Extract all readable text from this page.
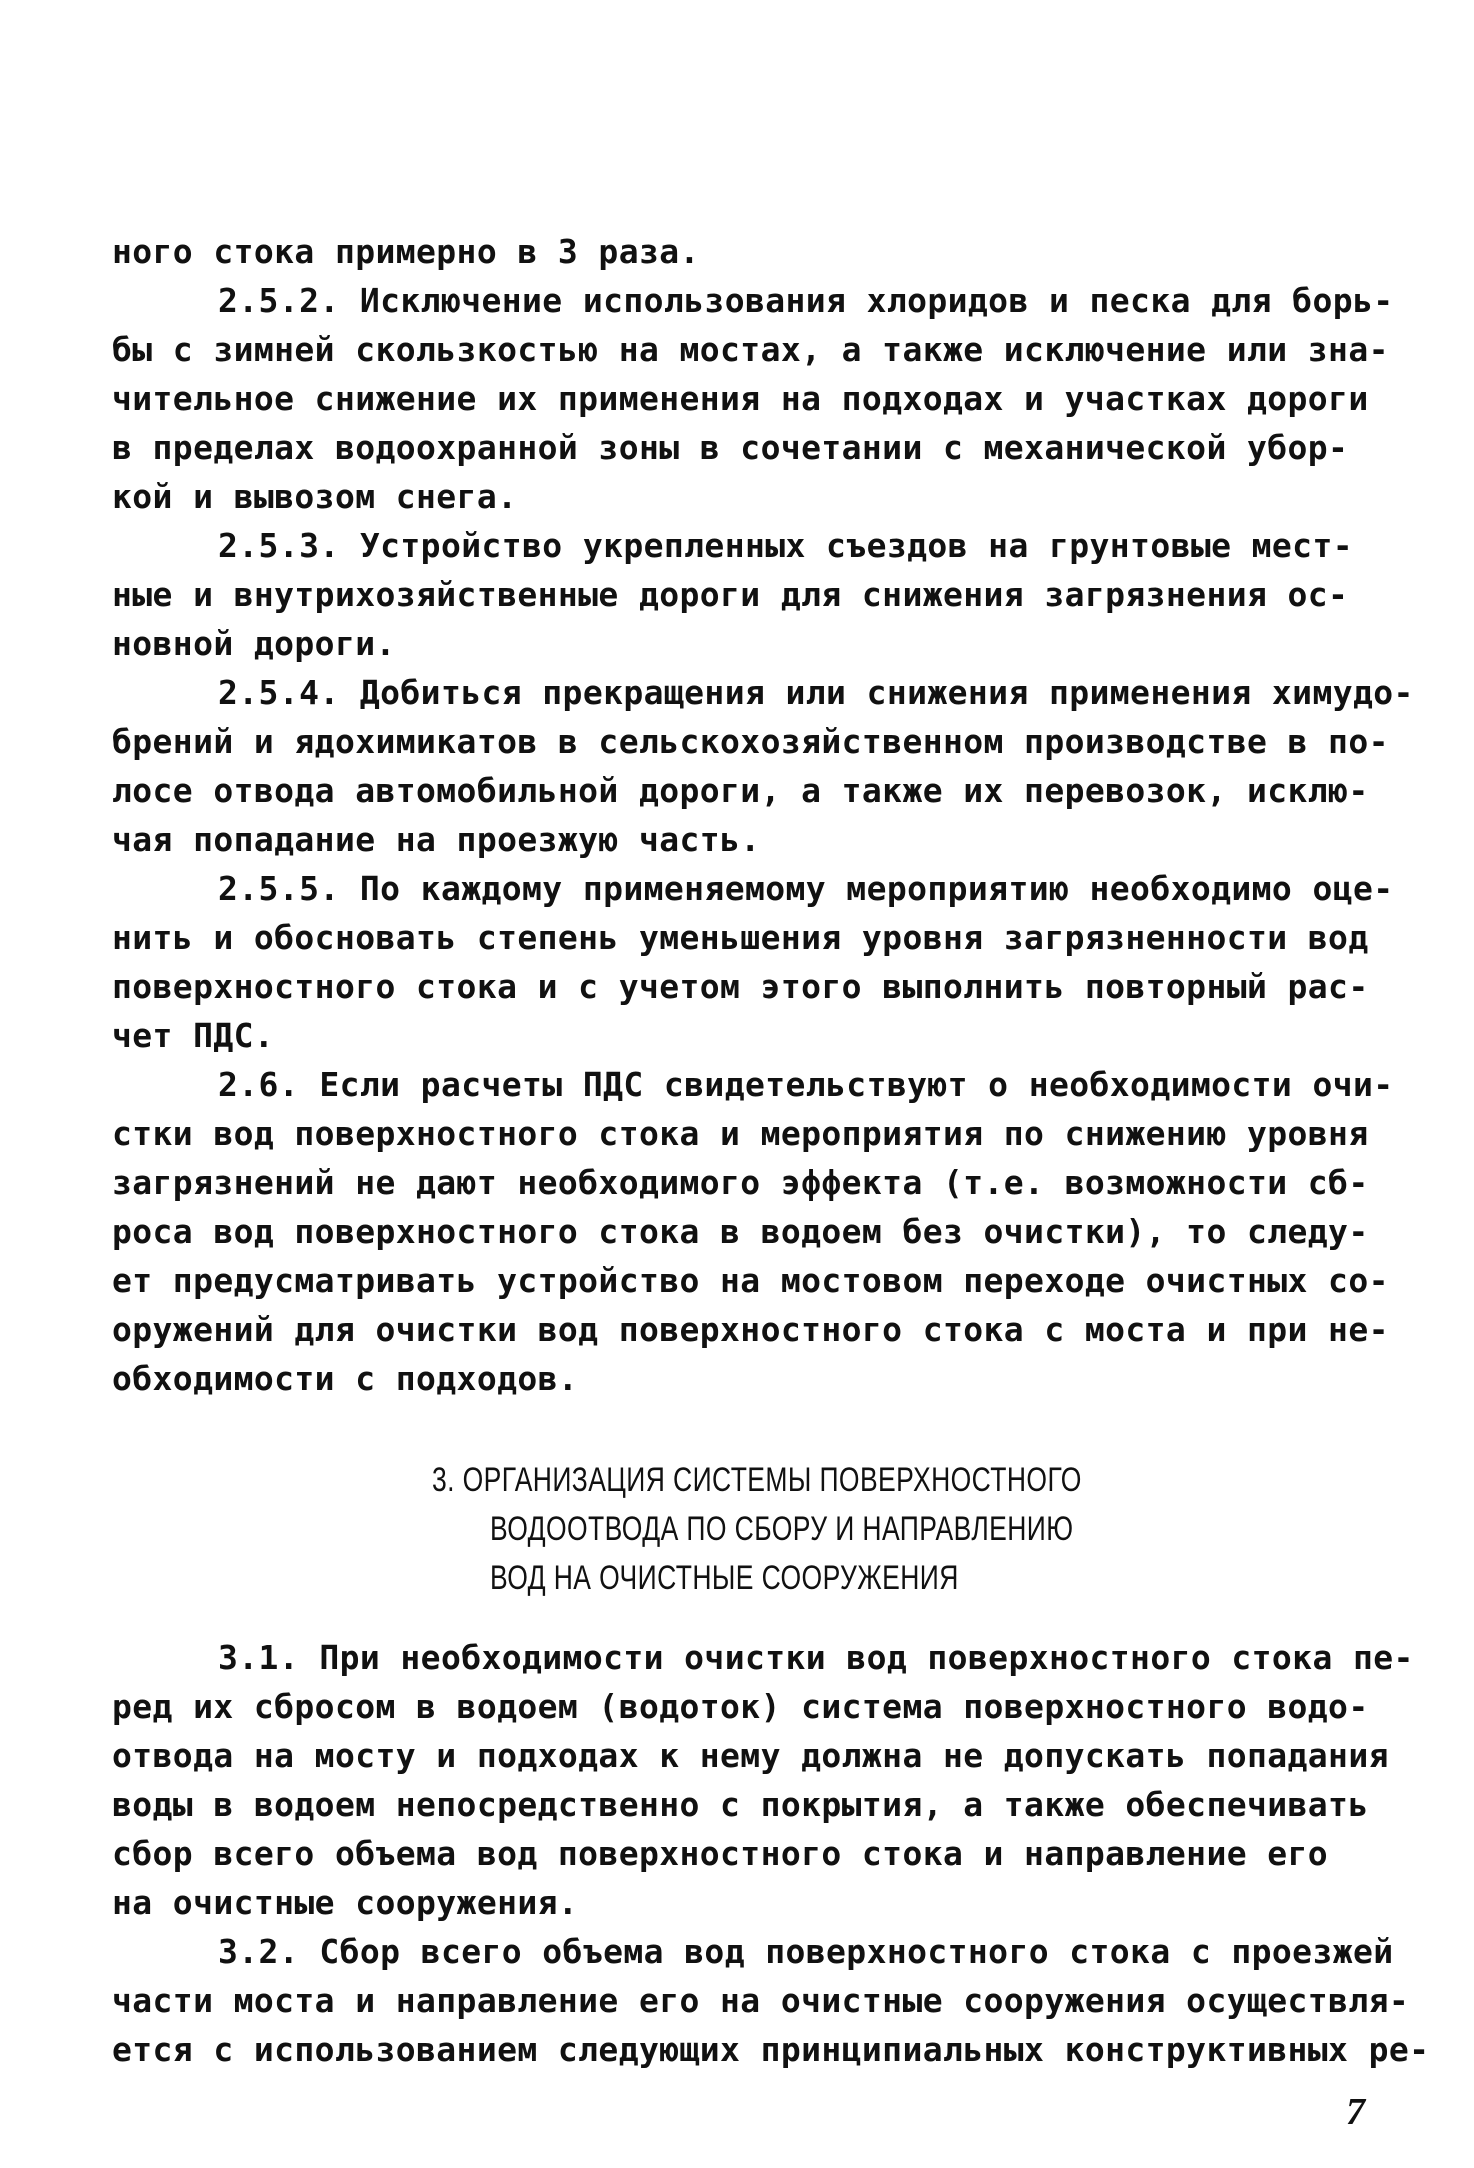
ного стока примерно в 3 раза.
2.5.2. Исключение использования хлоридов и песка для борь-
бы с зимней скользкостью на мостах, а также исключение или зна-
чительное снижение их применения на подходах и участках дороги
в пределах водоохранной зоны в сочетании с механической убор-
кой и вывозом снега.
2.5.3. Устройство укрепленных съездов на грунтовые мест-
ные и внутрихозяйственные дороги для снижения загрязнения ос-
новной дороги.
2.5.4. Добиться прекращения или снижения применения химудо-
брений и ядохимикатов в сельскохозяйственном производстве в по-
лосе отвода автомобильной дороги, а также их перевозок, исклю-
чая попадание на проезжую часть.
2.5.5. По каждому применяемому мероприятию необходимо оце-
нить и обосновать степень уменьшения уровня загрязненности вод
поверхностного стока и с учетом этого выполнить повторный рас-
чет ПДС.
2.6. Если расчеты ПДС свидетельствуют о необходимости очи-
стки вод поверхностного стока и мероприятия по снижению уровня
загрязнений не дают необходимого эффекта (т.е. возможности сб-
роса вод поверхностного стока в водоем без очистки), то следу-
ет предусматривать устройство на мостовом переходе очистных со-
оружений для очистки вод поверхностного стока с моста и при не-
обходимости с подходов.
3. ОРГАНИЗАЦИЯ СИСТЕМЫ ПОВЕРХНОСТНОГО
ВОДООТВОДА ПО СБОРУ И НАПРАВЛЕНИЮ
ВОД НА ОЧИСТНЫЕ СООРУЖЕНИЯ
3.1. При необходимости очистки вод поверхностного стока пе-
ред их сбросом в водоем (водоток) система поверхностного водо-
отвода на мосту и подходах к нему должна не допускать попадания
воды в водоем непосредственно с покрытия, а также обеспечивать
сбор всего объема вод поверхностного стока и направление его
на очистные сооружения.
3.2. Сбор всего объема вод поверхностного стока с проезжей
части моста и направление его на очистные сооружения осуществля-
ется с использованием следующих принципиальных конструктивных ре-
7
